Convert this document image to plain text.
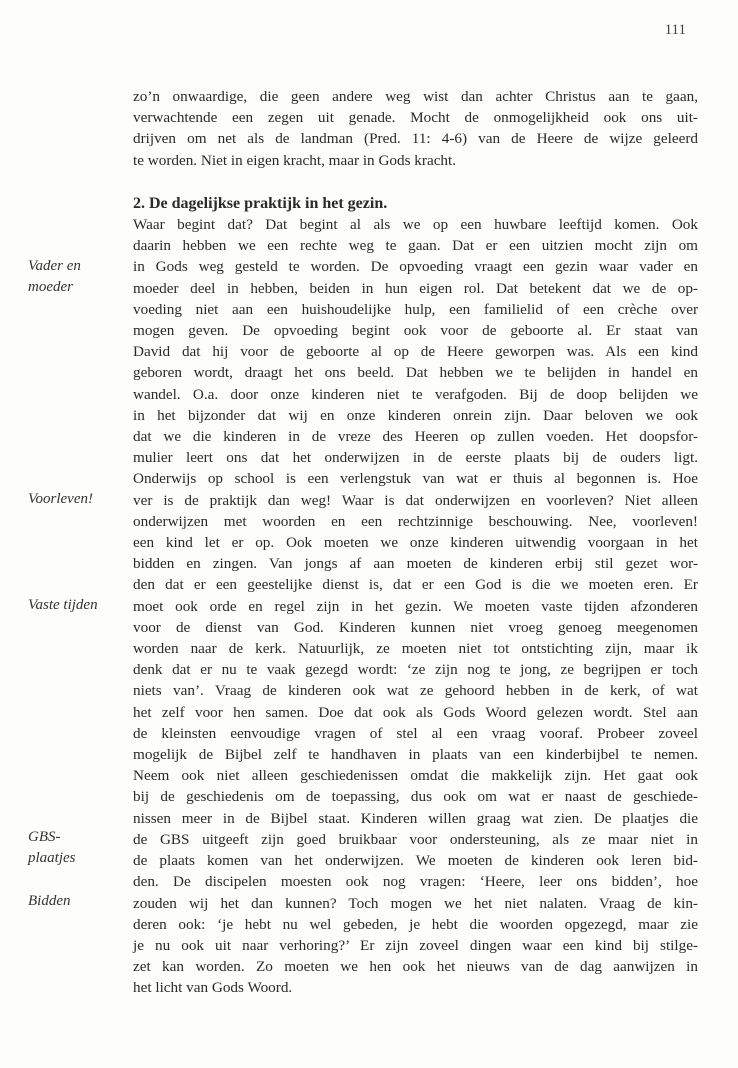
111
zo’n onwaardige, die geen andere weg wist dan achter Christus aan te gaan,
verwachtende een zegen uit genade. Mocht de onmogelijkheid ook ons uit-
drijven om net als de landman (Pred. 11: 4-6) van de Heere de wijze geleerd
te worden. Niet in eigen kracht, maar in Gods kracht.
2. De dagelijkse praktijk in het gezin.
Waar begint dat? Dat begint al als we op een huwbare leeftijd komen. Ook
daarin hebben we een rechte weg te gaan. Dat er een uitzien mocht zijn om
in Gods weg gesteld te worden. De opvoeding vraagt een gezin waar vader en
moeder deel in hebben, beiden in hun eigen rol. Dat betekent dat we de op-
voeding niet aan een huishoudelijke hulp, een familielid of een crèche over
mogen geven. De opvoeding begint ook voor de geboorte al. Er staat van
David dat hij voor de geboorte al op de Heere geworpen was. Als een kind
geboren wordt, draagt het ons beeld. Dat hebben we te belijden in handel en
wandel. O.a. door onze kinderen niet te verafgoden. Bij de doop belijden we
in het bijzonder dat wij en onze kinderen onrein zijn. Daar beloven we ook
dat we die kinderen in de vreze des Heeren op zullen voeden. Het doopsfor-
mulier leert ons dat het onderwijzen in de eerste plaats bij de ouders ligt.
Onderwijs op school is een verlengstuk van wat er thuis al begonnen is. Hoe
ver is de praktijk dan weg! Waar is dat onderwijzen en voorleven? Niet alleen
onderwijzen met woorden en een rechtzinnige beschouwing. Nee, voorleven!
een kind let er op. Ook moeten we onze kinderen uitwendig voorgaan in het
bidden en zingen. Van jongs af aan moeten de kinderen erbij stil gezet wor-
den dat er een geestelijke dienst is, dat er een God is die we moeten eren. Er
moet ook orde en regel zijn in het gezin. We moeten vaste tijden afzonderen
voor de dienst van God. Kinderen kunnen niet vroeg genoeg meegenomen
worden naar de kerk. Natuurlijk, ze moeten niet tot ontstichting zijn, maar ik
denk dat er nu te vaak gezegd wordt: ‘ze zijn nog te jong, ze begrijpen er toch
niets van’. Vraag de kinderen ook wat ze gehoord hebben in de kerk, of wat
het zelf voor hen samen. Doe dat ook als Gods Woord gelezen wordt. Stel aan
de kleinsten eenvoudige vragen of stel al een vraag vooraf. Probeer zoveel
mogelijk de Bijbel zelf te handhaven in plaats van een kinderbijbel te nemen.
Neem ook niet alleen geschiedenissen omdat die makkelijk zijn. Het gaat ook
bij de geschiedenis om de toepassing, dus ook om wat er naast de geschiede-
nissen meer in de Bijbel staat. Kinderen willen graag wat zien. De plaatjes die
de GBS uitgeeft zijn goed bruikbaar voor ondersteuning, als ze maar niet in
de plaats komen van het onderwijzen. We moeten de kinderen ook leren bid-
den. De discipelen moesten ook nog vragen: ‘Heere, leer ons bidden’, hoe
zouden wij het dan kunnen? Toch mogen we het niet nalaten. Vraag de kin-
deren ook: ‘je hebt nu wel gebeden, je hebt die woorden opgezegd, maar zie
je nu ook uit naar verhoring?’ Er zijn zoveel dingen waar een kind bij stilge-
zet kan worden. Zo moeten we hen ook het nieuws van de dag aanwijzen in
het licht van Gods Woord.
Vader en
moeder
Voorleven!
Vaste tijden
GBS-
plaatjes
Bidden
